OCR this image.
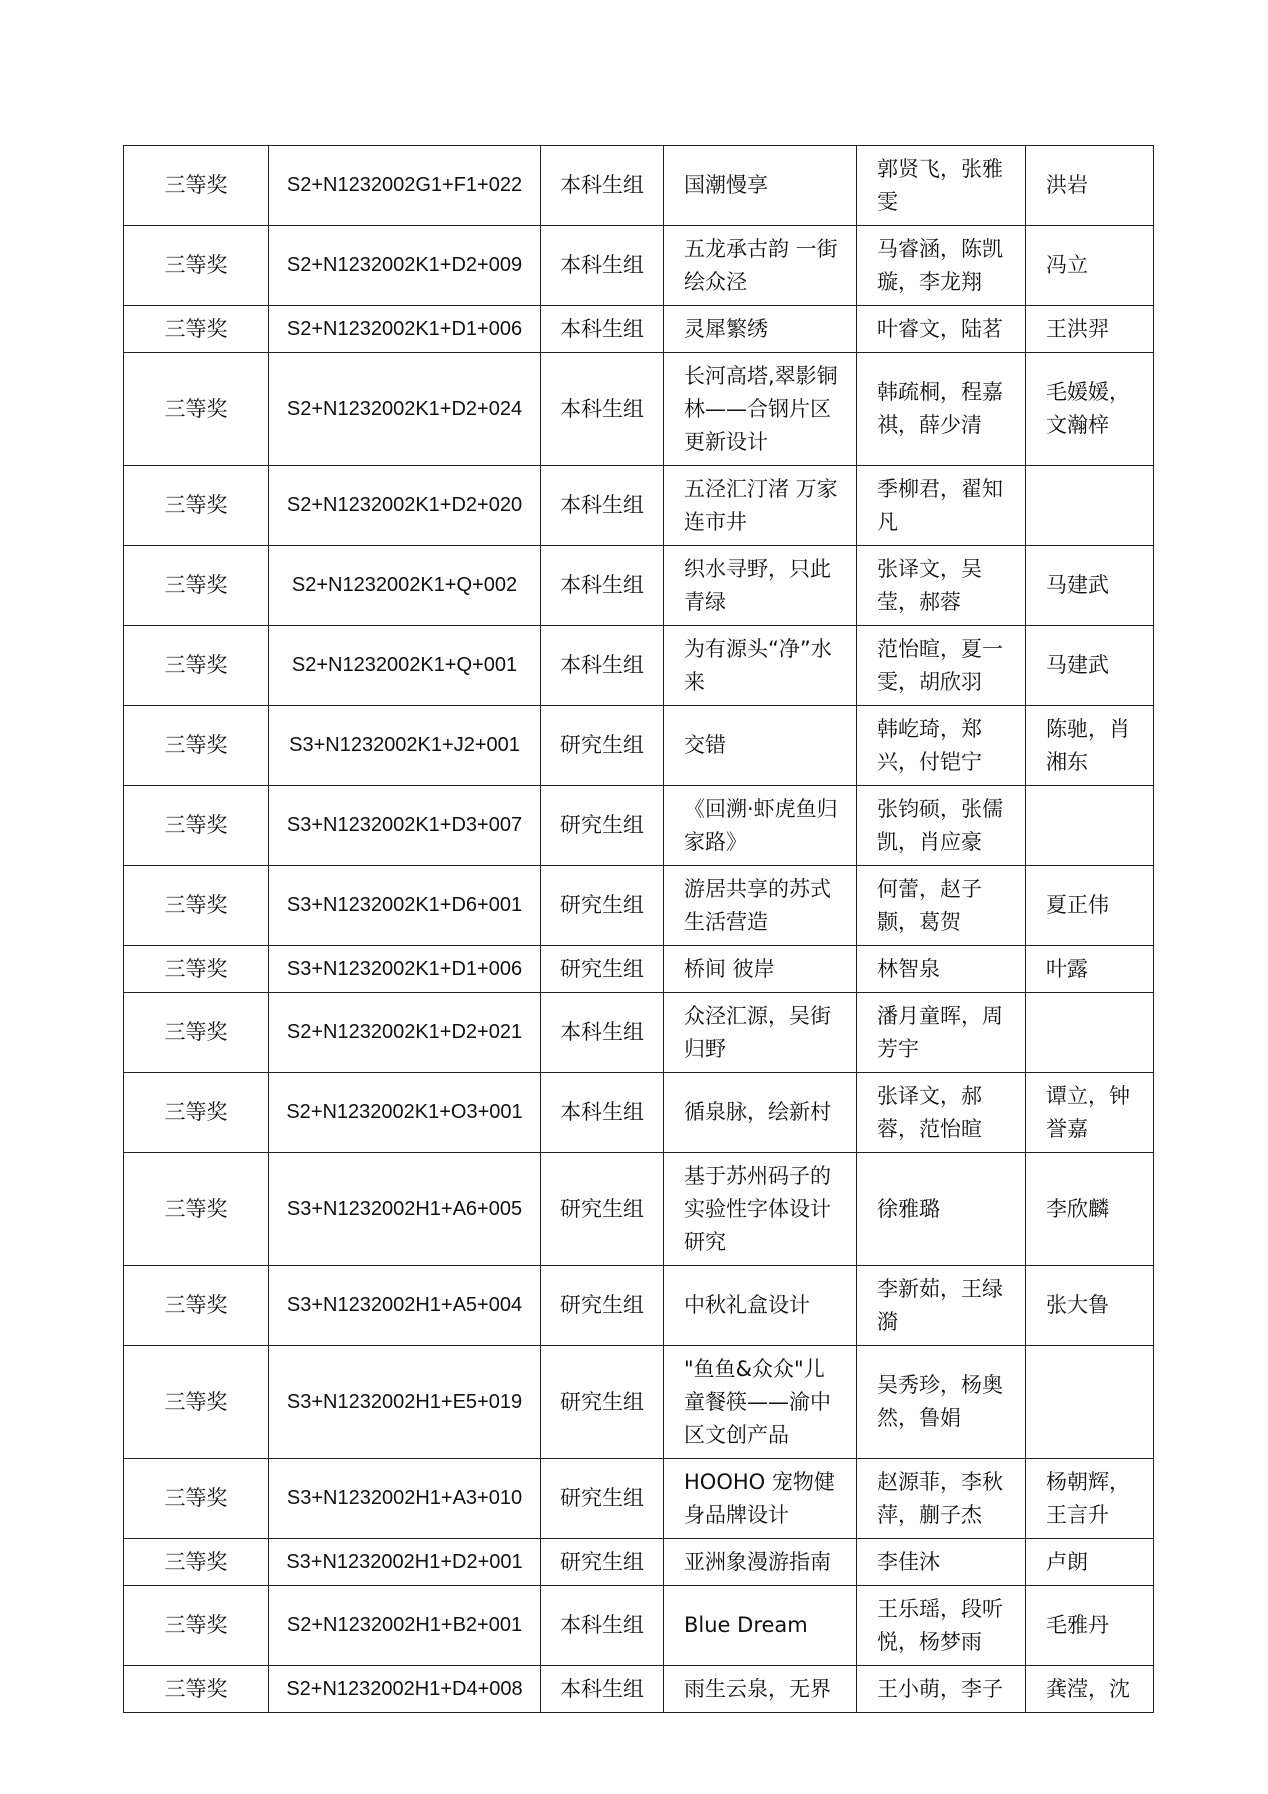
三等奖	S2+N1232002G1+F1+022	本科生组	国潮慢享	郭贤飞，张雅雯	洪岩

三等奖	S2+N1232002K1+D2+009	本科生组	五龙承古韵 一街绘众泾	马睿涵，陈凯璇，李龙翔	冯立

三等奖	S2+N1232002K1+D1+006	本科生组	灵犀繁绣	叶睿文，陆茗	王洪羿

三等奖	S2+N1232002K1+D2+024	本科生组	长河高塔,翠影铜林——合钢片区更新设计	韩疏桐，程嘉祺，薛少清	毛媛媛，文瀚梓

三等奖	S2+N1232002K1+D2+020	本科生组	五泾汇汀渚 万家连市井	季柳君，翟知凡	

三等奖	S2+N1232002K1+Q+002	本科生组	织水寻野，只此青绿	张译文，吴莹，郝蓉	马建武

三等奖	S2+N1232002K1+Q+001	本科生组	为有源头“净”水来	范怡暄，夏一雯，胡欣羽	马建武

三等奖	S3+N1232002K1+J2+001	研究生组	交错	韩屹琦，郑兴，付铠宁	陈驰，肖湘东

三等奖	S3+N1232002K1+D3+007	研究生组	《回溯·虾虎鱼归家路》	张钧硕，张儒凯，肖应豪	

三等奖	S3+N1232002K1+D6+001	研究生组	游居共享的苏式生活营造	何蕾，赵子颢，葛贺	夏正伟

三等奖	S3+N1232002K1+D1+006	研究生组	桥间 彼岸	林智泉	叶露

三等奖	S2+N1232002K1+D2+021	本科生组	众泾汇源，吴街归野	潘月童晖，周芳宇	

三等奖	S2+N1232002K1+O3+001	本科生组	循泉脉，绘新村	张译文，郝蓉，范怡暄	谭立，钟誉嘉

三等奖	S3+N1232002H1+A6+005	研究生组	基于苏州码子的实验性字体设计研究	徐雅璐	李欣麟

三等奖	S3+N1232002H1+A5+004	研究生组	中秋礼盒设计	李新茹，王绿漪	张大鲁

三等奖	S3+N1232002H1+E5+019	研究生组	"鱼鱼&众众"儿童餐筷——渝中区文创产品	吴秀珍，杨奥然，鲁娟	

三等奖	S3+N1232002H1+A3+010	研究生组	HOOHO 宠物健身品牌设计	赵源菲，李秋萍，蒯子杰	杨朝辉，王言升

三等奖	S3+N1232002H1+D2+001	研究生组	亚洲象漫游指南	李佳沐	卢朗

三等奖	S2+N1232002H1+B2+001	本科生组	Blue Dream	王乐瑶，段听悦，杨梦雨	毛雅丹

三等奖	S2+N1232002H1+D4+008	本科生组	雨生云泉，无界	王小萌，李子	龚滢，沈
